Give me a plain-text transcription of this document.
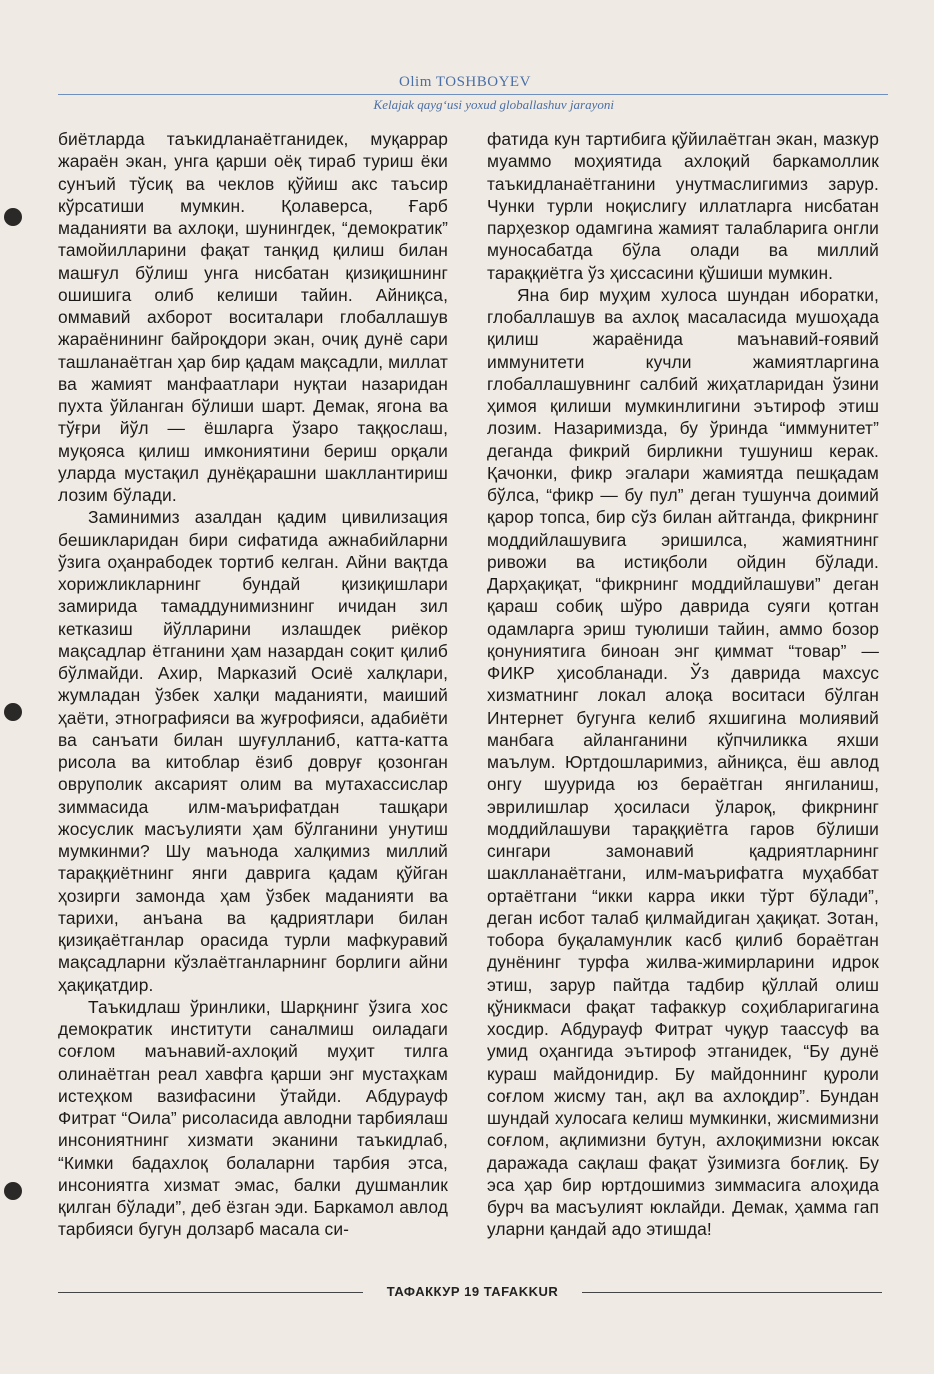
Olim TOSHBOYEV
Kelajak qayg‘usi yoxud globallashuv jarayoni

биётларда таъкидланаётганидек, муқаррар жараён экан, унга қарши оёқ тираб туриш ёки сунъий тўсиқ ва чеклов қўйиш акс таъсир кўрсатиши мумкин. Қолаверса, Ғарб маданияти ва ахлоқи, шунингдек, “демократик” тамойилларини фақат танқид қилиш билан машғул бўлиш унга нисбатан қизиқишнинг ошишига олиб келиши тайин. Айниқса, оммавий ахборот воситалари глобаллашув жараёнининг байроқдори экан, очиқ дунё сари ташланаётган ҳар бир қадам мақсадли, миллат ва жамият манфаатлари нуқтаи назаридан пухта ўйланган бўлиши шарт. Демак, ягона ва тўғри йўл — ёшларга ўзаро таққослаш, муқояса қилиш имкониятини бериш орқали уларда мустақил дунёқарашни шакллантириш лозим бўлади.

Заминимиз азалдан қадим цивилизация бешикларидан бири сифатида ажнабийларни ўзига оҳанрабодек тортиб келган. Айни вақтда хорижликларнинг бундай қизиқишлари замирида тамаддунимизнинг ичидан зил кетказиш йўлларини излашдек риёкор мақсадлар ётганини ҳам назардан соқит қилиб бўлмайди. Ахир, Марказий Осиё халқлари, жумладан ўзбек халқи маданияти, маиший ҳаёти, этнографияси ва жуғрофияси, адабиёти ва санъати билан шуғулланиб, катта-катта рисола ва китоблар ёзиб довруғ қозонган овруполик аксарият олим ва мутахассислар зиммасида илм-маърифатдан ташқари жосуслик масъулияти ҳам бўлганини унутиш мумкинми? Шу маънода халқимиз миллий тараққиётнинг янги даврига қадам қўйган ҳозирги замонда ҳам ўзбек маданияти ва тарихи, анъана ва қадриятлари билан қизиқаётганлар орасида турли мафкуравий мақсадларни кўзлаётганларнинг борлиги айни ҳақиқатдир.

Таъкидлаш ўринлики, Шарқнинг ўзига хос демократик институти саналмиш оиладаги соғлом маънавий-ахлоқий муҳит тилга олинаётган реал хавфга қарши энг мустаҳкам истеҳком вазифасини ўтайди. Абдурауф Фитрат “Оила” рисоласида авлодни тарбиялаш инсониятнинг хизмати эканини таъкидлаб, “Кимки бадахлоқ болаларни тарбия этса, инсониятга хизмат эмас, балки душманлик қилган бўлади”, деб ёзган эди. Баркамол авлод тарбияси бугун долзарб масала си-

фатида кун тартибига қўйилаётган экан, мазкур муаммо моҳиятида ахлоқий баркамоллик таъкидланаётганини унутмаслигимиз зарур. Чунки турли ноқислигу иллатларга нисбатан парҳезкор одамгина жамият талабларига онгли муносабатда бўла олади ва миллий тараққиётга ўз ҳиссасини қўшиши мумкин.

Яна бир муҳим хулоса шундан иборатки, глобаллашув ва ахлоқ масаласида мушоҳада қилиш жараёнида маънавий-ғоявий иммунитети кучли жамиятларгина глобаллашувнинг салбий жиҳатларидан ўзини ҳимоя қилиши мумкинлигини эътироф этиш лозим. Назаримизда, бу ўринда “иммунитет” деганда фикрий бирликни тушуниш керак. Қачонки, фикр эгалари жамиятда пешқадам бўлса, “фикр — бу пул” деган тушунча доимий қарор топса, бир сўз билан айтганда, фикрнинг моддийлашувига эришилса, жамиятнинг ривожи ва истиқболи ойдин бўлади. Дарҳақиқат, “фикрнинг моддийлашуви” деган қараш собиқ шўро даврида суяги қотган одамларга эриш туюлиши тайин, аммо бозор қонуниятига биноан энг қиммат “товар” — ФИКР ҳисобланади. Ўз даврида махсус хизматнинг локал алоқа воситаси бўлган Интернет бугунга келиб яхшигина молиявий манбага айланганини кўпчиликка яхши маълум. Юртдошларимиз, айниқса, ёш авлод онгу шуурида юз бераётган янгиланиш, эврилишлар ҳосиласи ўлароқ, фикрнинг моддийлашуви тараққиётга гаров бўлиши сингари замонавий қадриятларнинг шаклланаётгани, илм-маърифатга муҳаббат ортаётгани “икки карра икки тўрт бўлади”, деган исбот талаб қилмайдиган ҳақиқат. Зотан, тобора буқаламунлик касб қилиб бораётган дунёнинг турфа жилва-жимирларини идрок этиш, зарур пайтда тадбир қўллай олиш қўникмаси фақат тафаккур соҳибларигагина хосдир. Абдурауф Фитрат чуқур таассуф ва умид оҳангида эътироф этганидек, “Бу дунё кураш майдонидир. Бу майдоннинг қуроли соғлом жисму тан, ақл ва ахлоқдир”. Бундан шундай хулосага келиш мумкинки, жисмимизни соғлом, ақлимизни бутун, ахлоқимизни юксак даражада сақлаш фақат ўзимизга боғлиқ. Бу эса ҳар бир юртдошимиз зиммасига алоҳида бурч ва масъулият юклайди. Демак, ҳамма гап уларни қандай адо этишда!

ТАФАККУР 19 TAFAKKUR
